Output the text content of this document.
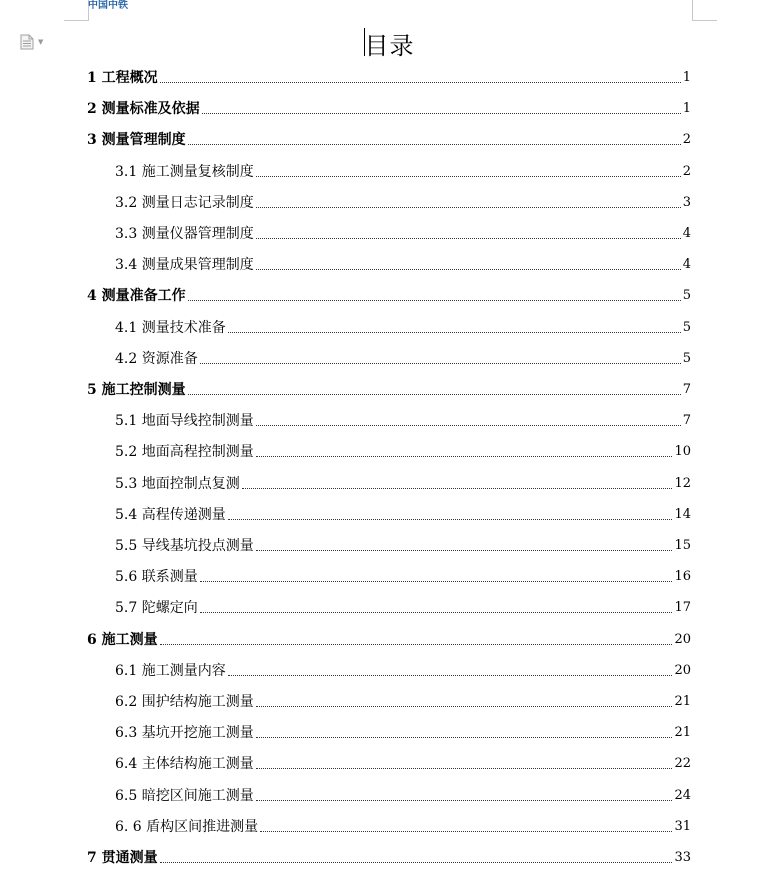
中国中铁
▼	目录
1 工程概况	1
2 测量标准及依据	1
3 测量管理制度	2
3.1 施工测量复核制度	2
3.2 测量日志记录制度	3
3.3 测量仪器管理制度	4
3.4 测量成果管理制度	4
4 测量准备工作	5
4.1 测量技术准备	5
4.2 资源准备	5
5 施工控制测量	7
5.1 地面导线控制测量	7
5.2 地面高程控制测量	10
5.3 地面控制点复测	12
5.4 高程传递测量	14
5.5 导线基坑投点测量	15
5.6 联系测量	16
5.7 陀螺定向	17
6 施工测量	20
6.1 施工测量内容	20
6.2 围护结构施工测量	21
6.3 基坑开挖施工测量	21
6.4 主体结构施工测量	22
6.5 暗挖区间施工测量	24
6. 6 盾构区间推进测量	31
7 贯通测量	33
